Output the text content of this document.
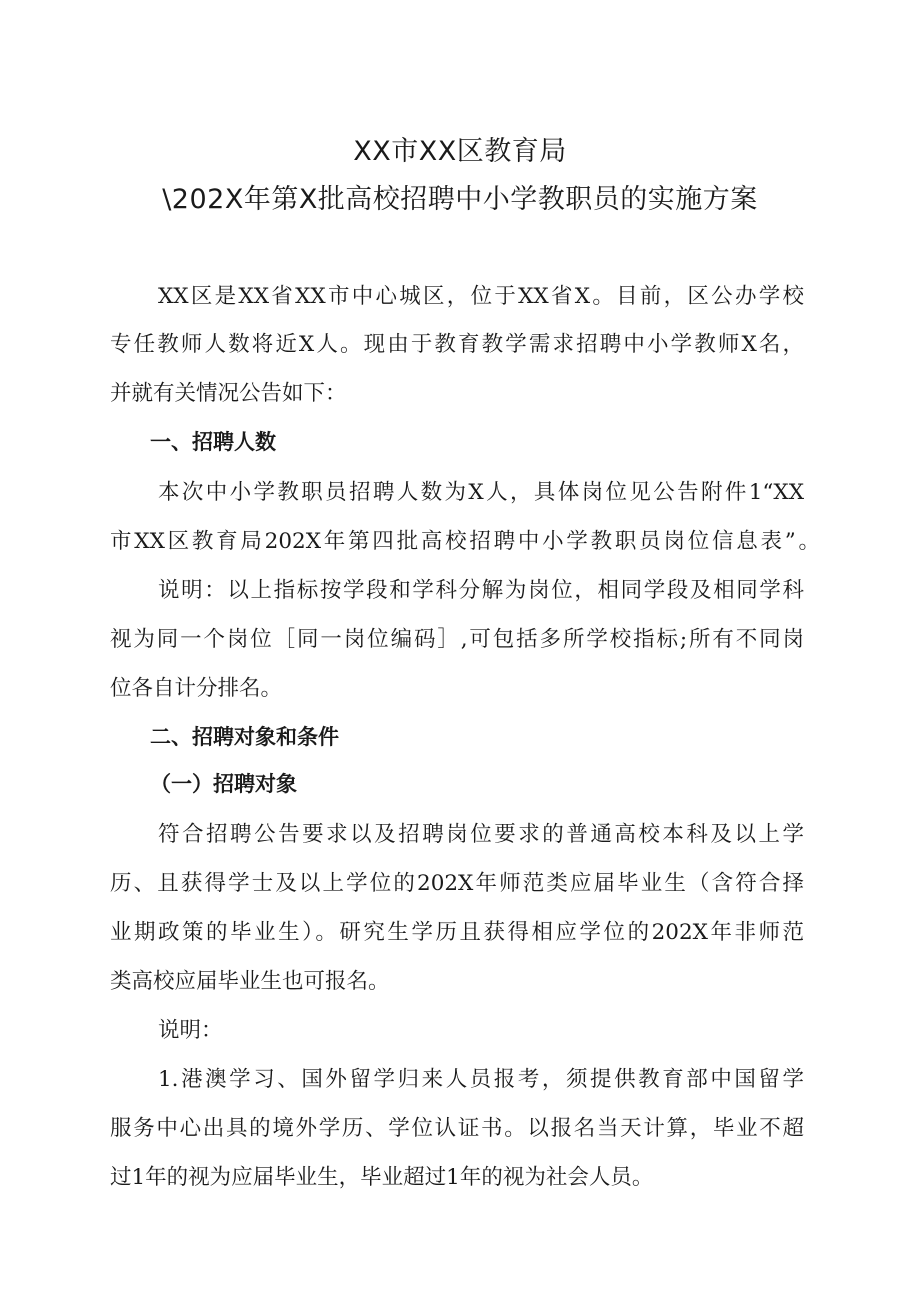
XX市XX区教育局
\202X年第X批高校招聘中小学教职员的实施方案
XX区是XX省XX市中心城区，位于XX省X。目前，区公办学校
专任教师人数将近X人。现由于教育教学需求招聘中小学教师X名，
并就有关情况公告如下：
一、招聘人数
本次中小学教职员招聘人数为X人，具体岗位见公告附件1“XX
市XX区教育局202X年第四批高校招聘中小学教职员岗位信息表”。
说明：以上指标按学段和学科分解为岗位，相同学段及相同学科
视为同一个岗位［同一岗位编码］,可包括多所学校指标;所有不同岗
位各自计分排名。
二、招聘对象和条件
（一）招聘对象
符合招聘公告要求以及招聘岗位要求的普通高校本科及以上学
历、且获得学士及以上学位的202X年师范类应届毕业生（含符合择
业期政策的毕业生）。研究生学历且获得相应学位的202X年非师范
类高校应届毕业生也可报名。
说明：
1.港澳学习、国外留学归来人员报考，须提供教育部中国留学
服务中心出具的境外学历、学位认证书。以报名当天计算，毕业不超
过1年的视为应届毕业生，毕业超过1年的视为社会人员。
